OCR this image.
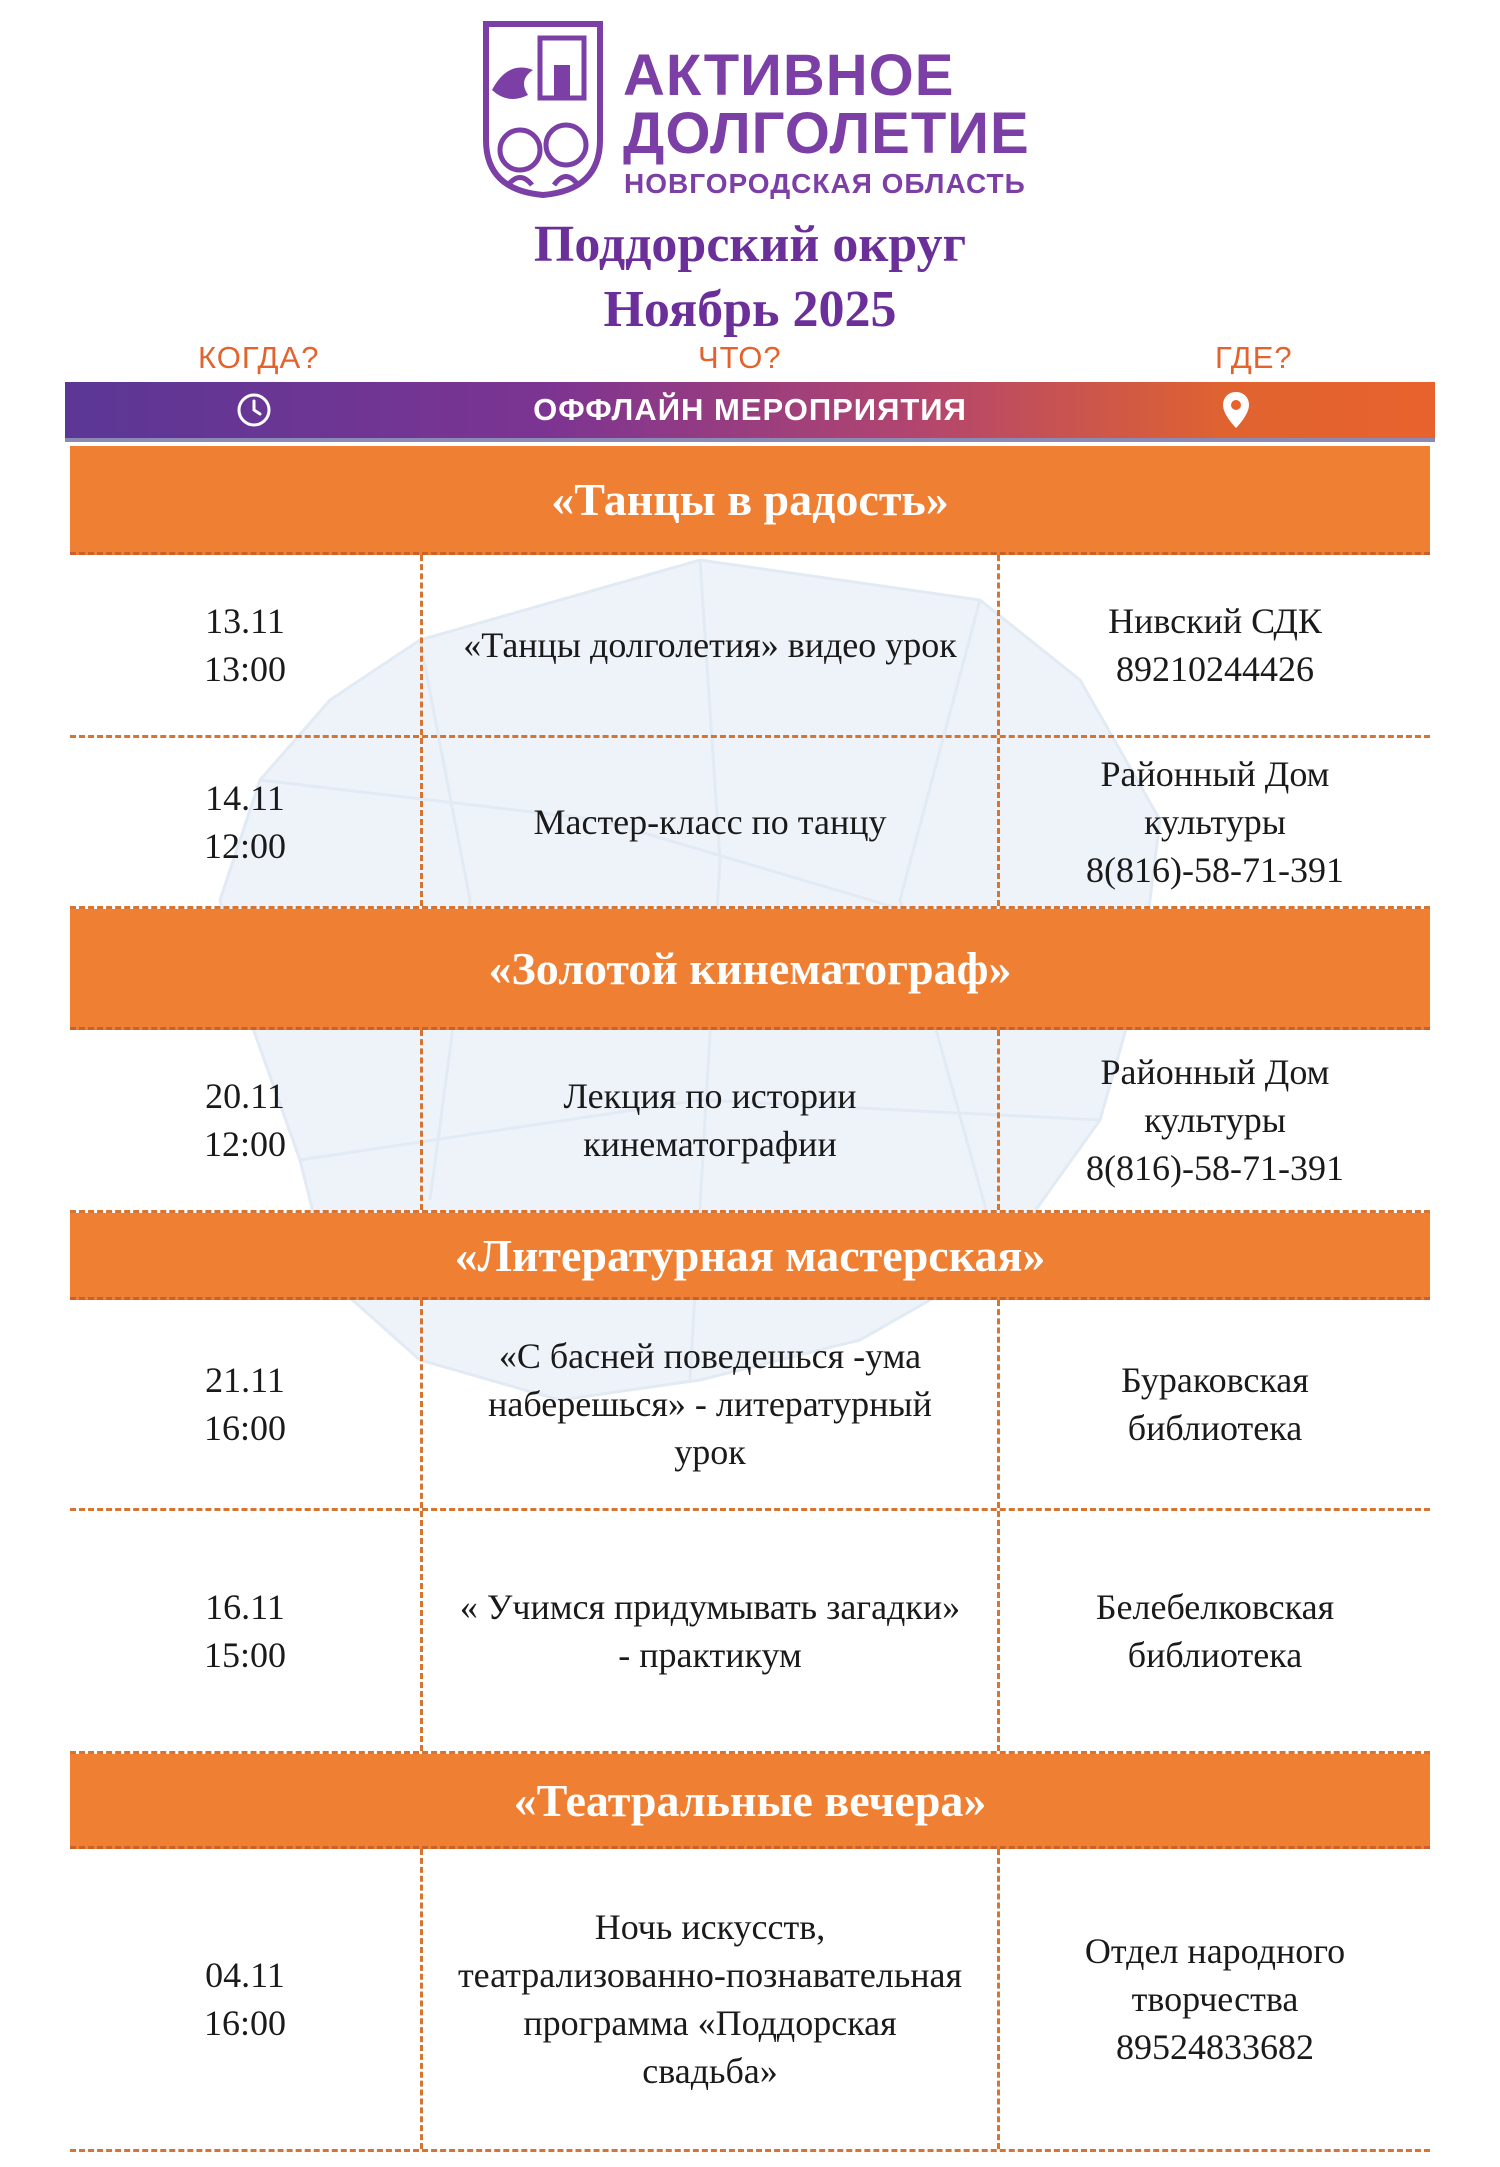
АКТИВНОЕ
ДОЛГОЛЕТИЕ
НОВГОРОДСКАЯ ОБЛАСТЬ
Поддорский округ
Ноябрь 2025
КОГДА?	ЧТО?	ГДЕ?
ОФФЛАЙН МЕРОПРИЯТИЯ
«Танцы в радость»
13.11
13:00
«Танцы долголетия» видео урок
Нивский СДК
89210244426
14.11
12:00
Мастер-класс по танцу
Районный Дом
культуры
8(816)-58-71-391
«Золотой кинематограф»
20.11
12:00
Лекция по истории
кинематографии
Районный Дом
культуры
8(816)-58-71-391
«Литературная мастерская»
21.11
16:00
«С басней поведешься -ума
наберешься» - литературный
урок
Бураковская
библиотека
16.11
15:00
« Учимся придумывать загадки»
- практикум
Белебелковская
библиотека
«Театральные вечера»
04.11
16:00
Ночь искусств,
театрализованно-познавательная
программа «Поддорская
свадьба»
Отдел народного
творчества
89524833682
